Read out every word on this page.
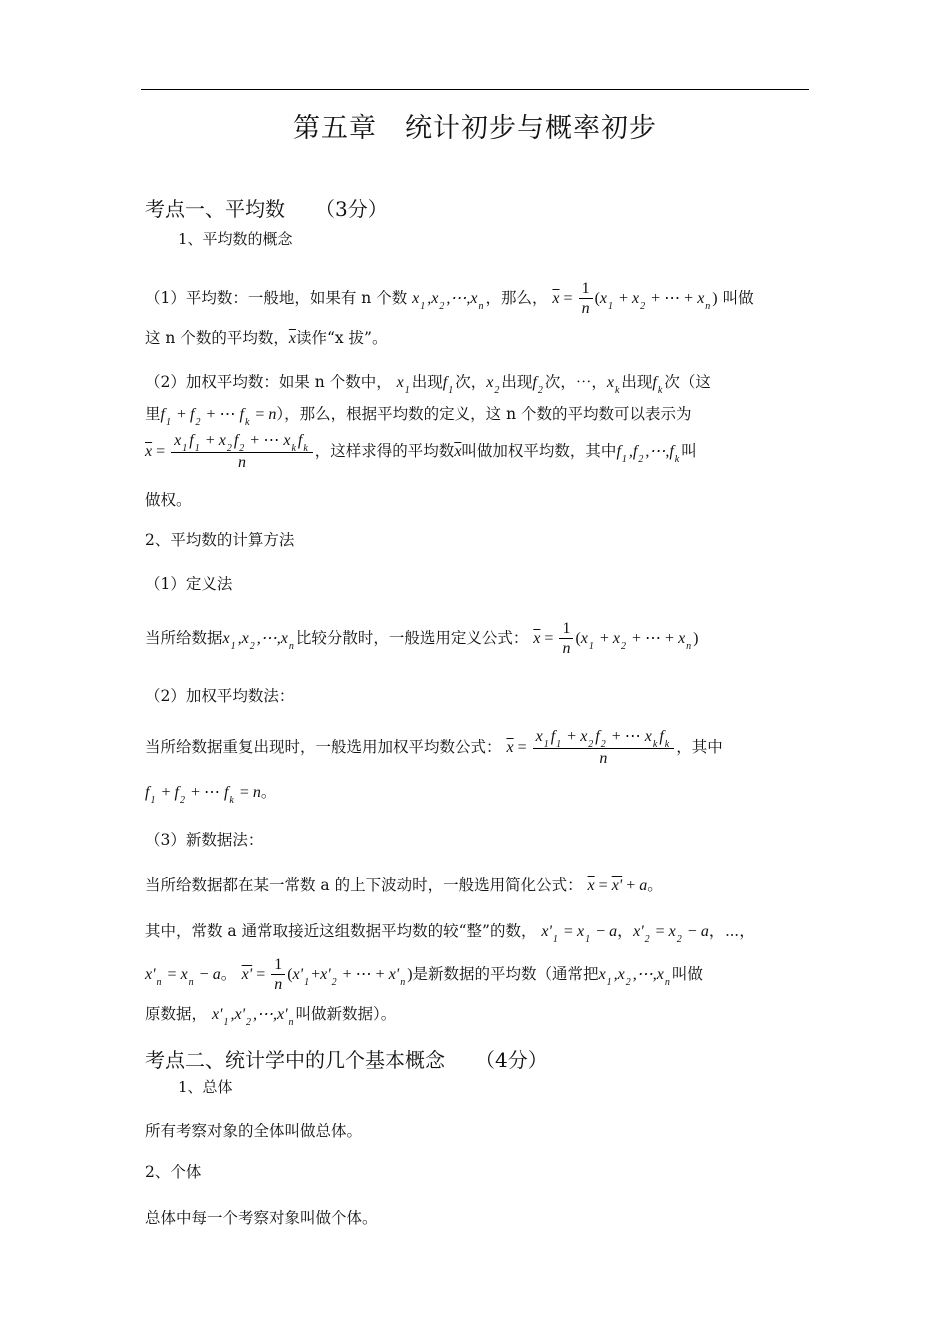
第五章　统计初步与概率初步
考点一、平均数　　（3分）
1、平均数的概念
（1）平均数：一般地，如果有 n 个数 $x_1$ $,x_2$ $,\cdots,x_n$ ，那么， $\overline{x} = \frac{1}{n} (x_1 + x_2$ + ⋯ + $x_n$ ) 叫做
这 n 个数的平均数，$\overline{x}$读作“x 拔”。
（2）加权平均数：如果 n 个数中， $x_1$ 出现$f_1$ 次，$x_2$ 出现$f_2$ 次，⋯，$x_k$ 出现$f_k$ 次（这
里$f_1 + f_2$ + ⋯ $f_k = n$），那么，根据平均数的定义，这 n 个数的平均数可以表示为
$\overline{x} = \frac{x_1 f_1 + x_2 f_2 + \cdots x_k f_k}{n}$ ，这样求得的平均数$\overline{x}$叫做加权平均数，其中$f_1$ $,f_2$ $,\cdots,f_k$ 叫
做权。
2、平均数的计算方法
（1）定义法
当所给数据$x_1$ $,x_2$ $,\cdots,x_n$ 比较分散时，一般选用定义公式： $\overline{x} = \frac{1}{n} (x_1 + x_2$ + ⋯ + $x_n$ )
（2）加权平均数法：
当所给数据重复出现时，一般选用加权平均数公式： $\overline{x} = \frac{x_1 f_1 + x_2 f_2 + \cdots x_k f_k}{n}$ ，其中
$f_1 + f_2$ + ⋯ $f_k = n$。
（3）新数据法：
当所给数据都在某一常数 a 的上下波动时，一般选用简化公式： $\overline{x} = x' + a$。
其中，常数 a 通常取接近这组数据平均数的较“整”的数， $x'_1 = x_1 - a$，$x'_2 = x_2 - a$，⋯，
$x'_n = x_n - a$。 $x' = \frac{1}{n} (x'_1 +x'_2$ + ⋯ + $x'_n$ )是新数据的平均数（通常把$x_1$ $,x_2$ $,\cdots,x_n$ 叫做
原数据， $x'_1$ $,x'_2$ $,\cdots,x'_n$ 叫做新数据）。
考点二、统计学中的几个基本概念　　（4分）
1、总体
所有考察对象的全体叫做总体。
2、个体
总体中每一个考察对象叫做个体。
